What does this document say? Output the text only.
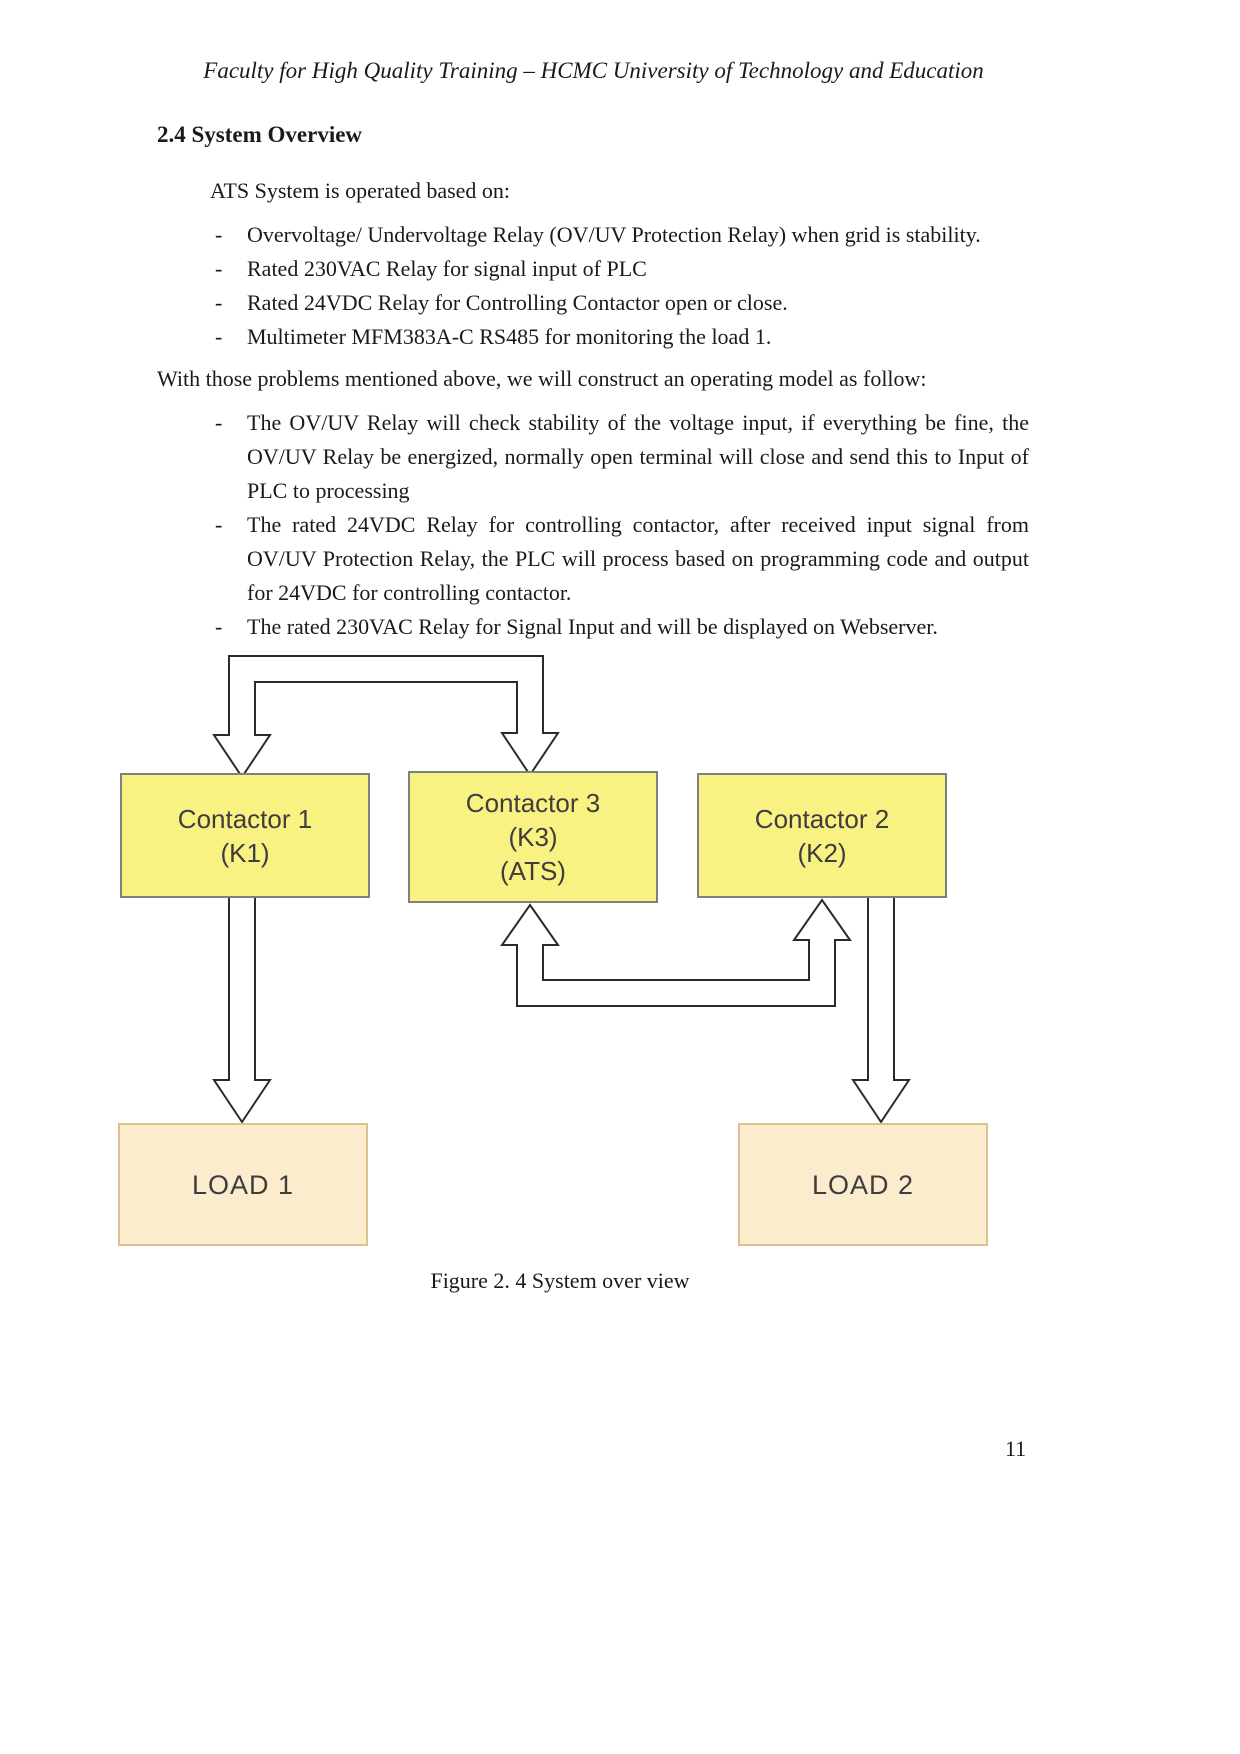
Faculty for High Quality Training – HCMC University of Technology and Education
2.4 System Overview
ATS System is operated based on:
-	Overvoltage/ Undervoltage Relay (OV/UV Protection Relay) when grid is stability.
-	Rated 230VAC Relay for signal input of PLC
-	Rated 24VDC Relay for Controlling Contactor open or close.
-	Multimeter MFM383A-C RS485 for monitoring the load 1.
With those problems mentioned above, we will construct an operating model as follow:
-	The OV/UV Relay will check stability of the voltage input, if everything be fine, the OV/UV Relay be energized, normally open terminal will close and send this to Input of PLC to processing
-	The rated 24VDC Relay for controlling contactor, after received input signal from OV/UV Protection Relay, the PLC will process based on programming code and output for 24VDC for controlling contactor.
-	The rated 230VAC Relay for Signal Input and will be displayed on Webserver.
Contactor 1
(K1)
Contactor 3
(K3)
(ATS)
Contactor 2
(K2)
LOAD 1	LOAD 2
Figure 2. 4 System over view
11
